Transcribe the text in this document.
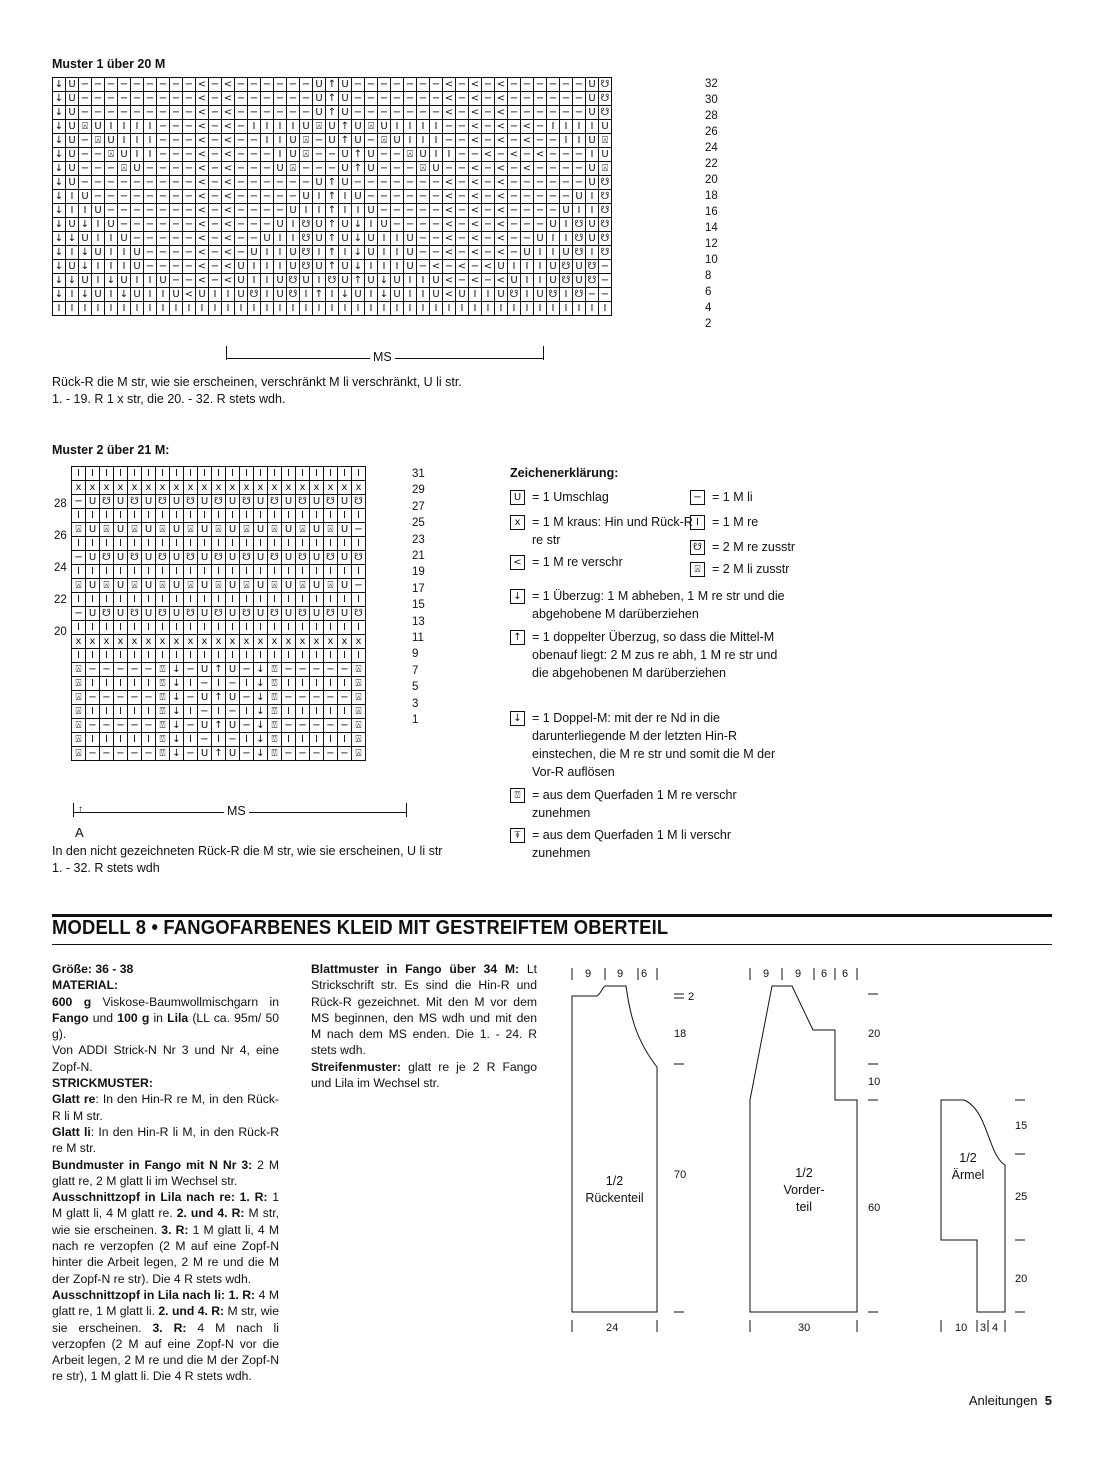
Muster 1 über 20 M
↓	U	−	−	−	−	−	−	−	−	−	<	−	<	−	−	−	−	−	−	U	↑	U	−	−	−	−	−	−	−	<	−	<	−	<	−	−	−	−	−	−	U	☋
↓	U	−	−	−	−	−	−	−	−	−	<	−	<	−	−	−	−	−	−	U	↑	U	−	−	−	−	−	−	−	<	−	<	−	<	−	−	−	−	−	−	U	☋
↓	U	−	−	−	−	−	−	−	−	−	<	−	<	−	−	−	−	−	−	U	↑	U	−	−	−	−	−	−	−	<	−	<	−	<	−	−	−	−	−	−	U	☋
↓	U	⍓	U	I	I	I	I	−	−	−	<	−	<	−	I	I	I	I	U	⍓	U	↑	U	⍓	U	I	I	I	I	−	−	<	−	<	−	<	−	I	I	I	I	U
↓	U	−	⍓	U	I	I	I	−	−	−	<	−	<	−	−	I	I	U	⍓	−	U	↑	U	−	⍓	U	I	I	I	−	−	<	−	<	−	<	−	−	I	I	U	⍓
↓	U	−	−	⍓	U	I	I	−	−	−	<	−	<	−	−	−	I	U	⍓	−	−	U	↑	U	−	−	⍓	U	I	I	−	−	<	−	<	−	<	−	−	−	I	U
↓	U	−	−	−	⍓	U	−	−	−	−	<	−	<	−	−	−	U	⍓	−	−	−	U	↑	U	−	−	−	⍓	U	−	−	<	−	<	−	<	−	−	−	−	U	⍓
↓	U	−	−	−	−	−	−	−	−	−	<	−	<	−	−	−	−	−	−	U	↑	U	−	−	−	−	−	−	−	<	−	<	−	<	−	−	−	−	−	−	U	☋
↓	I	U	−	−	−	−	−	−	−	−	<	−	<	−	−	−	−	−	U	I	↑	I	U	−	−	−	−	−	−	<	−	<	−	<	−	−	−	−	−	U	I	☋
↓	I	I	U	−	−	−	−	−	−	−	<	−	<	−	−	−	−	U	I	I	↑	I	I	U	−	−	−	−	−	<	−	<	−	<	−	−	−	−	U	I	I	☋
↓	U	↓	I	U	−	−	−	−	−	−	<	−	<	−	−	−	U	I	☋	U	↑	U	↓	I	U	−	−	−	−	<	−	<	−	<	−	−	−	U	I	☋	U	☋
↓	↓	U	I	I	U	−	−	−	−	−	<	−	<	−	−	U	I	I	☋	U	↑	U	↓	U	I	I	U	−	−	<	−	<	−	<	−	−	U	I	I	☋	U	☋
↓	I	↓	U	I	I	U	−	−	−	−	<	−	<	−	U	I	I	U	☋	I	↑	I	↓	U	I	I	U	−	−	<	−	<	−	<	−	U	I	I	U	☋	I	☋
↓	U	↓	I	I	I	U	−	−	−	−	<	−	<	U	I	I	I	U	☋	U	↑	U	↓	I	I	I	U	−	<	−	<	−	<	U	I	I	I	U	☋	U	☋	−
↓	↓	U	I	↓	U	I	I	U	−	−	<	−	<	U	I	I	U	☋	U	I	☋	U	↑	U	↓	U	I	I	U	<	−	<	−	<	U	I	I	U	☋	U	☋	−
↓	I	↓	U	I	↓	U	I	I	U	<	U	I	I	U	☋	I	U	☋	I	↑	I	↓	U	I	↓	U	I	I	U	<	U	I	I	U	☋	I	U	☋	I	☋	−	−
I	I	I	I	I	I	I	I	I	I	I	I	I	I	I	I	I	I	I	I	I	I	I	I	I	I	I	I	I	I	I	I	I	I	I	I	I	I	I	I	I	I	I
32
30
28
26
24
22
20
18
16
14
12
10
8
6
4
2
MS
Rück-R die M str, wie sie erscheinen, verschränkt M li verschränkt, U li str.
1. - 19. R 1 x str, die 20. - 32. R stets wdh.
Muster 2 über 21 M:
I	I	I	I	I	I	I	I	I	I	I	I	I	I	I	I	I	I	I	I	I
x	x	x	x	x	x	x	x	x	x	x	x	x	x	x	x	x	x	x	x	x
−	U	☋	U	☋	U	☋	U	☋	U	☋	U	☋	U	☋	U	☋	U	☋	U	☋
I	I	I	I	I	I	I	I	I	I	I	I	I	I	I	I	I	I	I	I	I
⍓	U	⍓	U	⍓	U	⍓	U	⍓	U	⍓	U	⍓	U	⍓	U	⍓	U	⍓	U	−
I	I	I	I	I	I	I	I	I	I	I	I	I	I	I	I	I	I	I	I	I
−	U	☋	U	☋	U	☋	U	☋	U	☋	U	☋	U	☋	U	☋	U	☋	U	☋
I	I	I	I	I	I	I	I	I	I	I	I	I	I	I	I	I	I	I	I	I
⍓	U	⍓	U	⍓	U	⍓	U	⍓	U	⍓	U	⍓	U	⍓	U	⍓	U	⍓	U	−
I	I	I	I	I	I	I	I	I	I	I	I	I	I	I	I	I	I	I	I	I
−	U	☋	U	☋	U	☋	U	☋	U	☋	U	☋	U	☋	U	☋	U	☋	U	☋
I	I	I	I	I	I	I	I	I	I	I	I	I	I	I	I	I	I	I	I	I
x	x	x	x	x	x	x	x	x	x	x	x	x	x	x	x	x	x	x	x	x
I	I	I	I	I	I	I	I	I	I	I	I	I	I	I	I	I	I	I	I	I
⍓	−	−	−	−	−	⍔	↓	−	U	↑	U	−	↓	⍔	−	−	−	−	−	⍓
⍓	I	I	I	I	I	⍔	↓	I	−	I	−	I	↓	⍔	I	I	I	I	I	⍓
⍓	−	−	−	−	−	⍔	↓	−	U	↑	U	−	↓	⍔	−	−	−	−	−	⍓
⍓	I	I	I	I	I	⍔	↓	I	−	I	−	I	↓	⍔	I	I	I	I	I	⍓
⍓	−	−	−	−	−	⍔	↓	−	U	↑	U	−	↓	⍔	−	−	−	−	−	⍓
⍓	I	I	I	I	I	⍔	↓	I	−	I	−	I	↓	⍔	I	I	I	I	I	⍓
⍓	−	−	−	−	−	⍔	↓	−	U	↑	U	−	↓	⍔	−	−	−	−	−	⍓
31
29
27
25
23
21
19
17
15
13
11
9
7
5
3
1
28
26
24
22
20
MS
↑
A
In den nicht gezeichneten Rück-R die M str, wie sie erscheinen, U li str
1. - 32. R stets wdh
Zeichenerklärung:
U = 1 Umschlag	− = 1 M li
x = 1 M kraus: Hin und Rück-R re str
I	= 1 M re
☋ = 2 M re zusstr
< = 1 M re verschr
⍓ = 2 M li zusstr
↓ = 1 Überzug: 1 M abheben, 1 M re str und die abgehobene M darüberziehen
↑ = 1 doppelter Überzug, so dass die Mittel-M obenauf liegt: 2 M zus re abh, 1 M re str und die abgehobenen M darüberziehen
↓ = 1 Doppel-M: mit der re Nd in die darunterliegende M der letzten Hin-R einstechen, die M re str und somit die M der Vor-R auflösen
⍔ = aus dem Querfaden 1 M re verschr zunehmen
⍕ = aus dem Querfaden 1 M li verschr zunehmen
MODELL 8 • FANGOFARBENES KLEID MIT GESTREIFTEM OBERTEIL
Größe: 36 - 38
MATERIAL:
600 g Viskose-Baumwollmischgarn in Fango und 100 g in Lila (LL ca. 95m/ 50 g).
Von ADDI Strick-N Nr 3 und Nr 4, eine Zopf-N.
STRICKMUSTER:
Glatt re: In den Hin-R re M, in den Rück-R li M str.
Glatt li: In den Hin-R li M, in den Rück-R re M str.
Bundmuster in Fango mit N Nr 3: 2 M glatt re, 2 M glatt li im Wechsel str.
Ausschnittzopf in Lila nach re: 1. R: 1 M glatt li, 4 M glatt re. 2. und 4. R: M str, wie sie erscheinen. 3. R: 1 M glatt li, 4 M nach re verzopfen (2 M auf eine Zopf-N hinter die Arbeit legen, 2 M re und die M der Zopf-N re str). Die 4 R stets wdh.
Ausschnittzopf in Lila nach li: 1. R: 4 M glatt re, 1 M glatt li. 2. und 4. R: M str, wie sie erscheinen. 3. R: 4 M nach li verzopfen (2 M auf eine Zopf-N vor die Arbeit legen, 2 M re und die M der Zopf-N re str), 1 M glatt li. Die 4 R stets wdh.
Blattmuster in Fango über 34 M: Lt Strickschrift str. Es sind die Hin-R und Rück-R gezeichnet. Mit den M vor dem MS beginnen, den MS wdh und mit den M nach dem MS enden. Die 1. - 24. R stets wdh.
Streifenmuster: glatt re je 2 R Fango und Lila im Wechsel str.
9 9 6
2
18
70
24
1/2
Rückenteil
9 9 6 6
20
10
60
30
1/2
Vorder-
teil
15
25
20
10 3 4
1/2
Ärmel
Anleitungen 5
